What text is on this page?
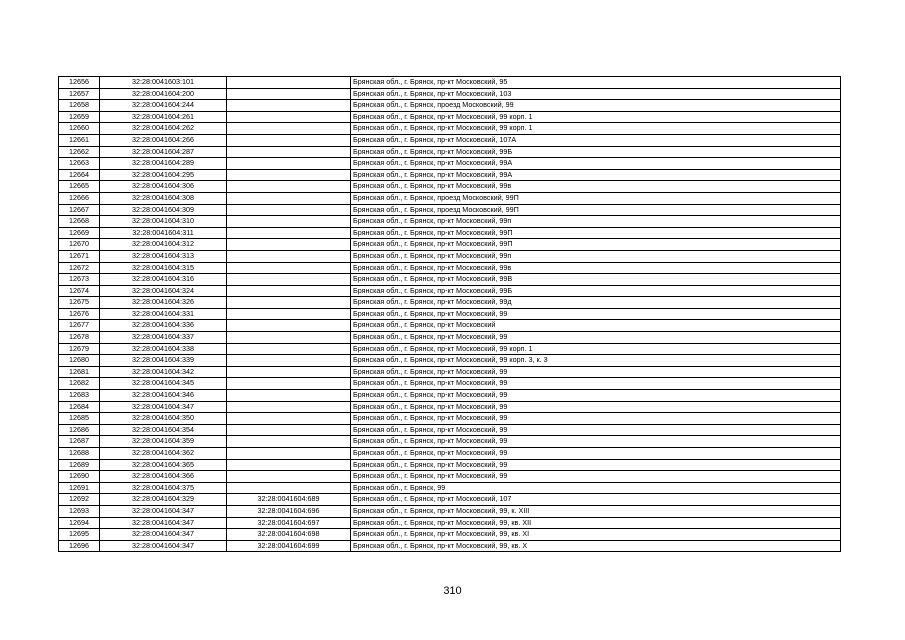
12656	32:28:0041603:101		Брянская обл., г. Брянск, пр-кт Московский, 95
12657	32:28:0041604:200		Брянская обл., г. Брянск, пр-кт Московский, 103
12658	32:28:0041604:244		Брянская обл., г. Брянск, проезд Московский, 99
12659	32:28:0041604:261		Брянская обл., г. Брянск, пр-кт Московский, 99 корп. 1
12660	32:28:0041604:262		Брянская обл., г. Брянск, пр-кт Московский, 99 корп. 1
12661	32:28:0041604:266		Брянская обл., г. Брянск, пр-кт Московский, 107А
12662	32:28:0041604:287		Брянская обл., г. Брянск, пр-кт Московский, 99Б
12663	32:28:0041604:289		Брянская обл., г. Брянск, пр-кт Московский, 99А
12664	32:28:0041604:295		Брянская обл., г. Брянск, пр-кт Московский, 99А
12665	32:28:0041604:306		Брянская обл., г. Брянск, пр-кт Московский, 99в
12666	32:28:0041604:308		Брянская обл., г. Брянск, проезд Московский, 99П
12667	32:28:0041604:309		Брянская обл., г. Брянск, проезд Московский, 99П
12668	32:28:0041604:310		Брянская обл., г. Брянск, пр-кт Московский, 99п
12669	32:28:0041604:311		Брянская обл., г. Брянск, пр-кт Московский, 99П
12670	32:28:0041604:312		Брянская обл., г. Брянск, пр-кт Московский, 99П
12671	32:28:0041604:313		Брянская обл., г. Брянск, пр-кт Московский, 99п
12672	32:28:0041604:315		Брянская обл., г. Брянск, пр-кт Московский, 99в
12673	32:28:0041604:316		Брянская обл., г. Брянск, пр-кт Московский, 99В
12674	32:28:0041604:324		Брянская обл., г. Брянск, пр-кт Московский, 99Б
12675	32:28:0041604:326		Брянская обл., г. Брянск, пр-кт Московский, 99д
12676	32:28:0041604:331		Брянская обл., г. Брянск, пр-кт Московский, 99
12677	32:28:0041604:336		Брянская обл., г. Брянск, пр-кт Московский
12678	32:28:0041604:337		Брянская обл., г. Брянск, пр-кт Московский, 99
12679	32:28:0041604:338		Брянская обл., г. Брянск, пр-кт Московский, 99 корп. 1
12680	32:28:0041604:339		Брянская обл., г. Брянск, пр-кт Московский, 99 корп. 3, к. 3
12681	32:28:0041604:342		Брянская обл., г. Брянск, пр-кт Московский, 99
12682	32:28:0041604:345		Брянская обл., г. Брянск, пр-кт Московский, 99
12683	32:28:0041604:346		Брянская обл., г. Брянск, пр-кт Московский, 99
12684	32:28:0041604:347		Брянская обл., г. Брянск, пр-кт Московский, 99
12685	32:28:0041604:350		Брянская обл., г. Брянск, пр-кт Московский, 99
12686	32:28:0041604:354		Брянская обл., г. Брянск, пр-кт Московский, 99
12687	32:28:0041604:359		Брянская обл., г. Брянск, пр-кт Московский, 99
12688	32:28:0041604:362		Брянская обл., г. Брянск, пр-кт Московский, 99
12689	32:28:0041604:365		Брянская обл., г. Брянск, пр-кт Московский, 99
12690	32:28:0041604:366		Брянская обл., г. Брянск, пр-кт Московский, 99
12691	32:28:0041604:375		Брянская обл., г. Брянск, 99
12692	32:28:0041604:329	32:28:0041604:689	Брянская обл., г. Брянск, пр-кт Московский, 107
12693	32:28:0041604:347	32:28:0041604:696	Брянская обл., г. Брянск, пр-кт Московский, 99, к. XIII
12694	32:28:0041604:347	32:28:0041604:697	Брянская обл., г. Брянск, пр-кт Московский, 99, кв. XII
12695	32:28:0041604:347	32:28:0041604:698	Брянская обл., г. Брянск, пр-кт Московский, 99, кв. XI
12696	32:28:0041604:347	32:28:0041604:699	Брянская обл., г. Брянск, пр-кт Московский, 99, кв. X
310
